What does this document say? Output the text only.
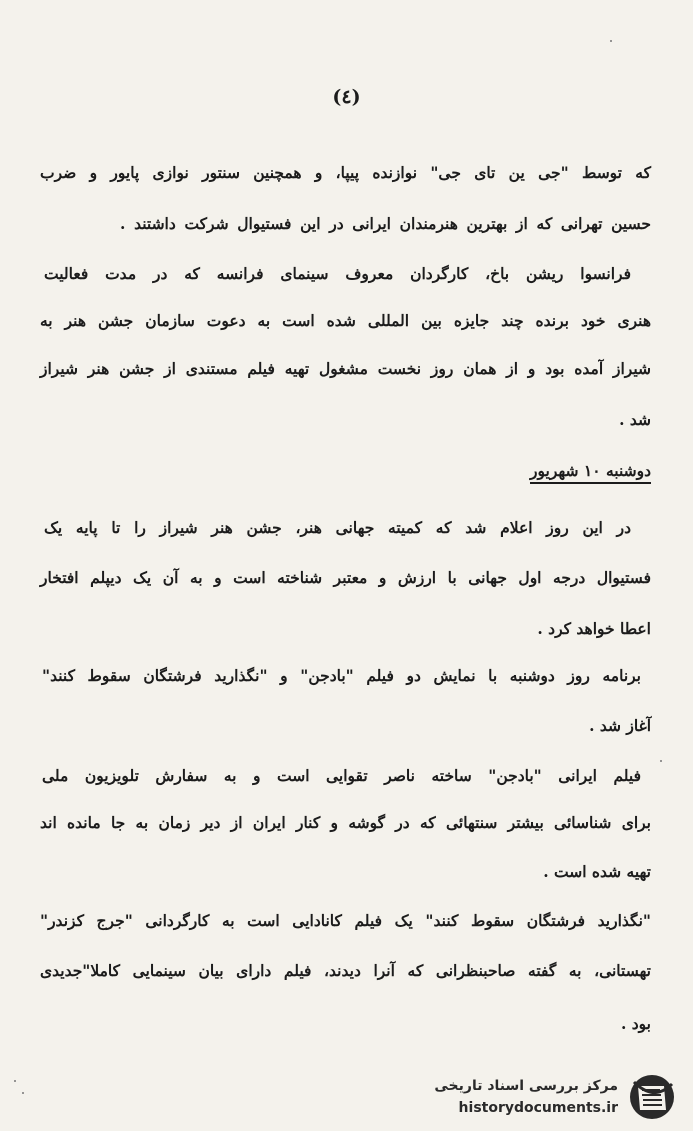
(٤)
که توسط "جی ین تای جی" نوازنده پیپا، و همچنین سنتور نوازی پایور و ضرب
حسین تهرانی که از بهترین هنرمندان ایرانی در این فستیوال شرکت داشتند .
فرانسوا ریشن باخ، کارگردان معروف سینمای فرانسه که در مدت فعالیت
هنری خود برنده چند جایزه بین المللی شده است به دعوت سازمان جشن هنر به
شیراز آمده بود و از همان روز نخست مشغول تهیه فیلم مستندی از جشن هنر شیراز
شد .
دوشنبه ۱۰ شهریور
در این روز اعلام شد که کمیته جهانی هنر، جشن هنر شیراز را تا پایه یک
فستیوال درجه اول جهانی با ارزش و معتبر شناخته است و به آن یک دیپلم افتخار
اعطا خواهد کرد .
برنامه روز دوشنبه با نمایش دو فیلم "بادجن" و "نگذارید فرشتگان سقوط کنند"
آغاز شد .
فیلم ایرانی "بادجن" ساخته ناصر تقوایی است و به سفارش تلویزیون ملی
برای شناسائی بیشتر سنتهائی که در گوشه و کنار ایران از دیر زمان به جا مانده اند
تهیه شده است .
"نگذارید فرشتگان سقوط کنند" یک فیلم کانادایی است به کارگردانی "جرج کزندر"
تهستانی، به گفته صاحبنظرانی که آنرا دیدند، فیلم دارای بیان سینمایی کاملا"جدیدی
بود .
مرکز بررسی اسناد تاریخی
historydocuments.ir
